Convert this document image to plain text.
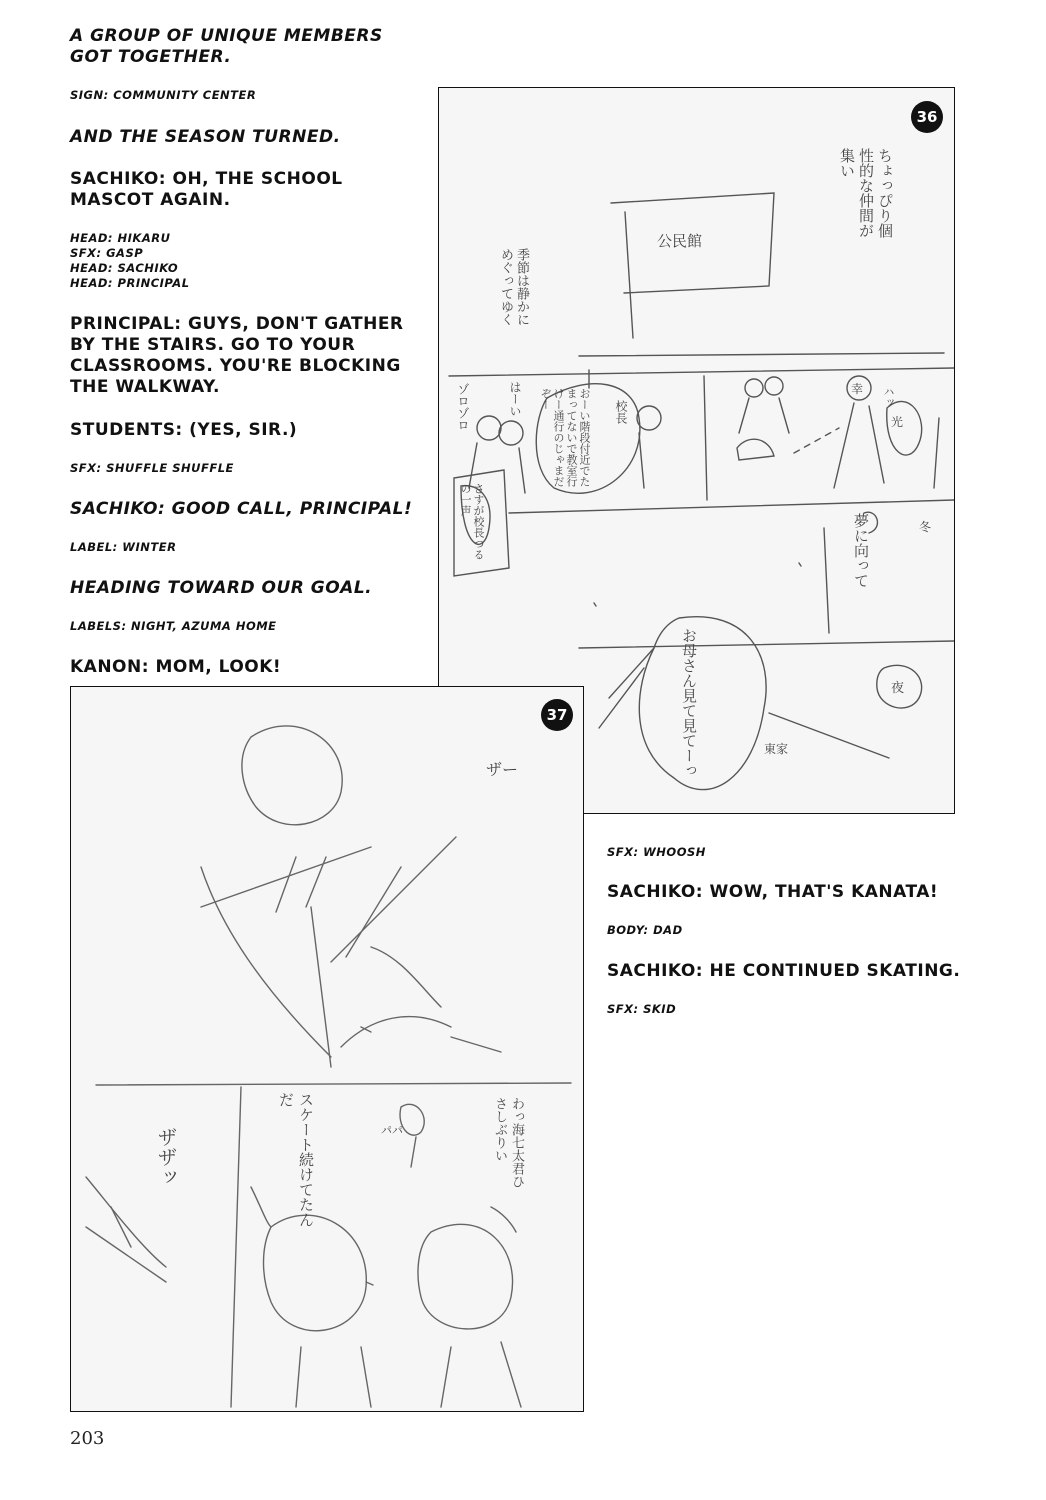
A GROUP OF UNIQUE MEMBERS GOT TOGETHER.
SIGN: COMMUNITY CENTER
AND THE SEASON TURNED.
SACHIKO: OH, THE SCHOOL MASCOT AGAIN.
HEAD: HIKARU
SFX: GASP
HEAD: SACHIKO
HEAD: PRINCIPAL
PRINCIPAL: GUYS, DON'T GATHER BY THE STAIRS. GO TO YOUR CLASSROOMS. YOU'RE BLOCKING THE WALKWAY.
STUDENTS: (YES, SIR.)
SFX: SHUFFLE SHUFFLE
SACHIKO: GOOD CALL, PRINCIPAL!
LABEL: WINTER
HEADING TOWARD OUR GOAL.
LABELS: NIGHT, AZUMA HOME
KANON: MOM, LOOK!
36
ちょっぴり個性的な仲間が集い
公民館
季節は静かにめぐってゆく
校長
おーい階段付近でたまってないで教室行けー通行のじゃまだぞー
はーい
ゾロゾロ	幸 ハッ
光
さすが校長つるの一声
冬
夢に向って
お母さん見て見てーっ	夜
東家
37
ザー
わっ海七太君ひさしぶりい
パパ
スケート続けてたんだ
ザザッ
SFX: WHOOSH
SACHIKO: WOW, THAT'S KANATA!
BODY: DAD
SACHIKO: HE CONTINUED SKATING.
SFX: SKID
203
